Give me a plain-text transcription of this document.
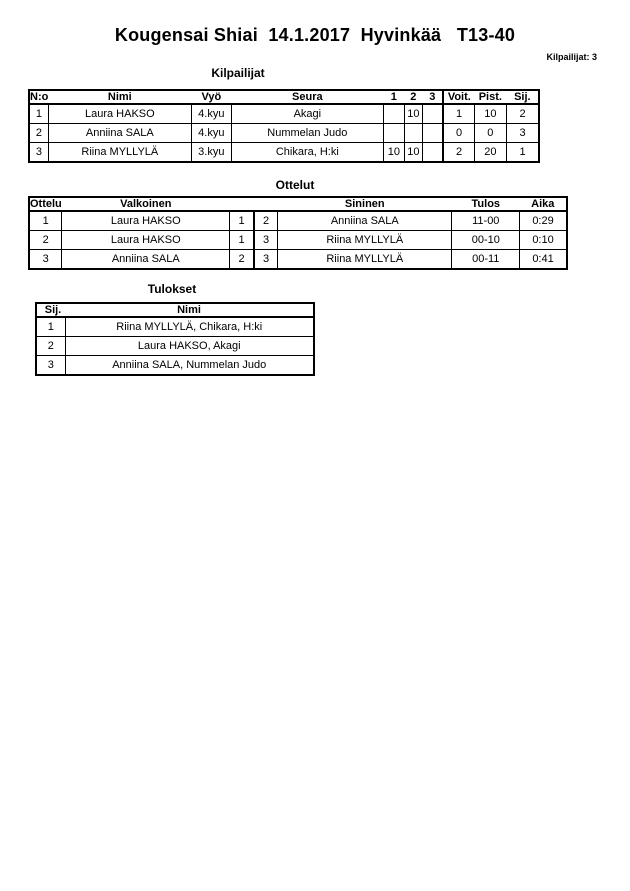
Kougensai Shiai  14.1.2017  Hyvinkää   T13-40
Kilpailijat: 3
Kilpailijat
N:o	Nimi	Vyö	Seura	1	2	3	Voit.	Pist.	Sij.
1	Laura HAKSO	4.kyu	Akagi		10		1	10	2
2	Anniina SALA	4.kyu	Nummelan Judo				0	0	3
3	Riina MYLLYLÄ	3.kyu	Chikara, H:ki	10	10		2	20	1
Ottelut
Ottelu	Valkoinen			Sininen	Tulos	Aika
1	Laura HAKSO	1	2	Anniina SALA	11-00	0:29
2	Laura HAKSO	1	3	Riina MYLLYLÄ	00-10	0:10
3	Anniina SALA	2	3	Riina MYLLYLÄ	00-11	0:41
Tulokset
Sij.	Nimi
1	Riina MYLLYLÄ, Chikara, H:ki
2	Laura HAKSO, Akagi
3	Anniina SALA, Nummelan Judo
